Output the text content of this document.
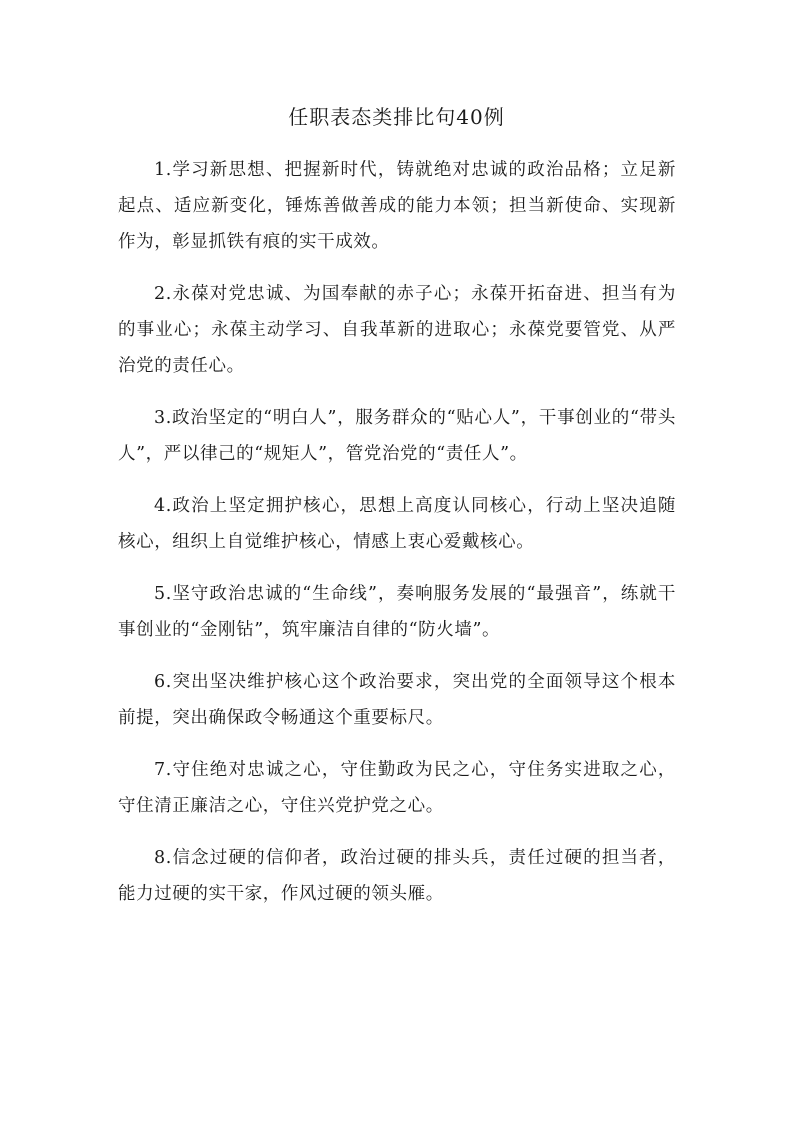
任职表态类排比句40例

1.学习新思想、把握新时代，铸就绝对忠诚的政治品格；立足新起点、适应新变化，锤炼善做善成的能力本领；担当新使命、实现新作为，彰显抓铁有痕的实干成效。

2.永葆对党忠诚、为国奉献的赤子心；永葆开拓奋进、担当有为的事业心；永葆主动学习、自我革新的进取心；永葆党要管党、从严治党的责任心。

3.政治坚定的“明白人”，服务群众的“贴心人”，干事创业的“带头人”，严以律己的“规矩人”，管党治党的“责任人”。

4.政治上坚定拥护核心，思想上高度认同核心，行动上坚决追随核心，组织上自觉维护核心，情感上衷心爱戴核心。

5.坚守政治忠诚的“生命线”，奏响服务发展的“最强音”，练就干事创业的“金刚钻”，筑牢廉洁自律的“防火墙”。

6.突出坚决维护核心这个政治要求，突出党的全面领导这个根本前提，突出确保政令畅通这个重要标尺。

7.守住绝对忠诚之心，守住勤政为民之心，守住务实进取之心，守住清正廉洁之心，守住兴党护党之心。

8.信念过硬的信仰者，政治过硬的排头兵，责任过硬的担当者，能力过硬的实干家，作风过硬的领头雁。
